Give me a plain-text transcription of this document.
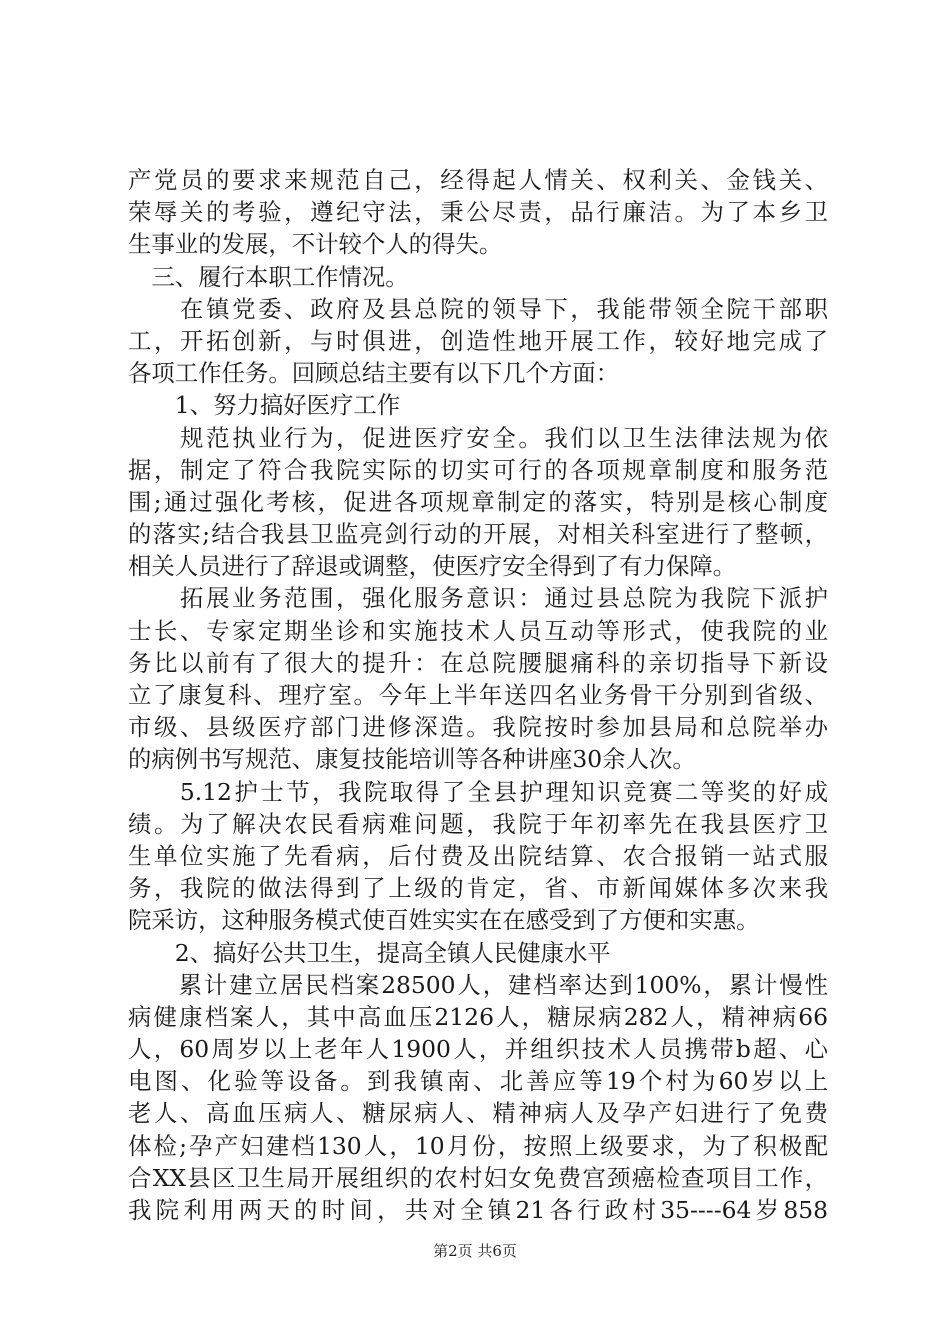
产党员的要求来规范自己，经得起人情关、权利关、金钱关、
荣辱关的考验，遵纪守法，秉公尽责，品行廉洁。为了本乡卫
生事业的发展，不计较个人的得失。
　三、履行本职工作情况。
　　在镇党委、政府及县总院的领导下，我能带领全院干部职
工，开拓创新，与时俱进，创造性地开展工作，较好地完成了
各项工作任务。回顾总结主要有以下几个方面：
　　1、努力搞好医疗工作
　　规范执业行为，促进医疗安全。我们以卫生法律法规为依
据，制定了符合我院实际的切实可行的各项规章制度和服务范
围;通过强化考核，促进各项规章制定的落实，特别是核心制度
的落实;结合我县卫监亮剑行动的开展，对相关科室进行了整顿，
相关人员进行了辞退或调整，使医疗安全得到了有力保障。
　　拓展业务范围，强化服务意识：通过县总院为我院下派护
士长、专家定期坐诊和实施技术人员互动等形式，使我院的业
务比以前有了很大的提升：在总院腰腿痛科的亲切指导下新设
立了康复科、理疗室。今年上半年送四名业务骨干分别到省级、
市级、县级医疗部门进修深造。我院按时参加县局和总院举办
的病例书写规范、康复技能培训等各种讲座30余人次。
　　5.12护士节，我院取得了全县护理知识竞赛二等奖的好成
绩。为了解决农民看病难问题，我院于年初率先在我县医疗卫
生单位实施了先看病，后付费及出院结算、农合报销一站式服
务，我院的做法得到了上级的肯定，省、市新闻媒体多次来我
院采访，这种服务模式使百姓实实在在感受到了方便和实惠。
　　2、搞好公共卫生，提高全镇人民健康水平
　　累计建立居民档案28500人，建档率达到100%，累计慢性
病健康档案人，其中高血压2126人，糖尿病282人，精神病66
人，60周岁以上老年人1900人，并组织技术人员携带b超、心
电图、化验等设备。到我镇南、北善应等19个村为60岁以上
老人、高血压病人、糖尿病人、精神病人及孕产妇进行了免费
体检;孕产妇建档130人，10月份，按照上级要求，为了积极配
合XX县区卫生局开展组织的农村妇女免费宫颈癌检查项目工作，
我院利用两天的时间，共对全镇21各行政村35----64岁858
第2页 共6页
